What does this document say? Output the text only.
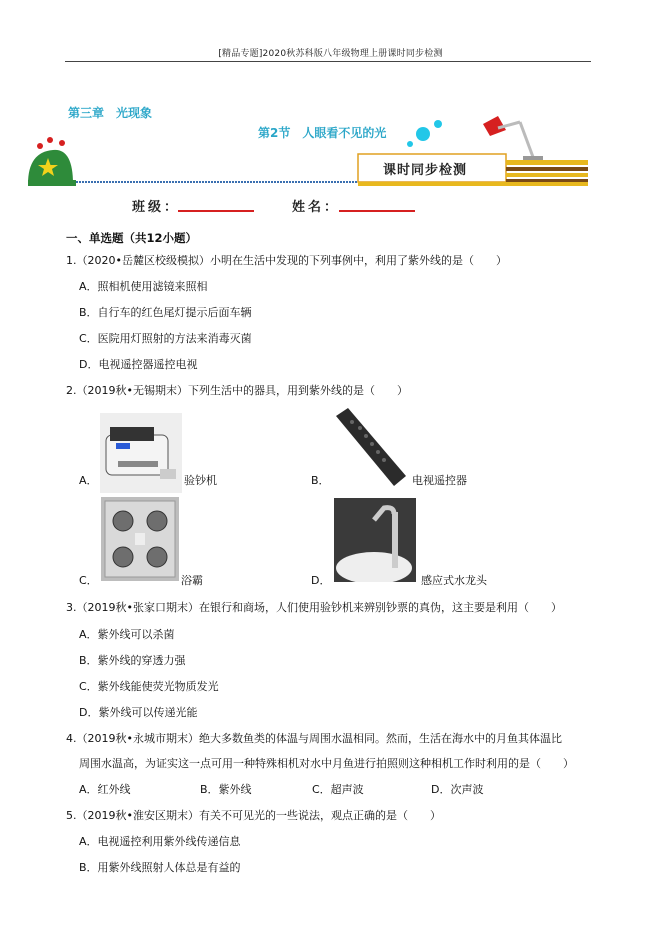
[精品专题]2020秋苏科版八年级物理上册课时同步检测
第三章　光现象
第2节　人眼看不见的光
课时同步检测
班级：	姓名：
一、单选题（共12小题）
1.（2020•岳麓区校级模拟）小明在生活中发现的下列事例中，利用了紫外线的是（　　）
A．照相机使用滤镜来照相
B．自行车的红色尾灯提示后面车辆
C．医院用灯照射的方法来消毒灭菌
D．电视遥控器遥控电视
2.（2019秋•无锡期末）下列生活中的器具，用到紫外线的是（　　）
A．	验钞机	B．	电视遥控器
C．	浴霸	D．	感应式水龙头
3.（2019秋•张家口期末）在银行和商场，人们使用验钞机来辨别钞票的真伪，这主要是利用（　　）
A．紫外线可以杀菌
B．紫外线的穿透力强
C．紫外线能使荧光物质发光
D．紫外线可以传递光能
4.（2019秋•永城市期末）绝大多数鱼类的体温与周围水温相同。然而，生活在海水中的月鱼其体温比
周围水温高，为证实这一点可用一种特殊相机对水中月鱼进行拍照则这种相机工作时利用的是（　　）
A．红外线	B．紫外线	C．超声波	D．次声波
5.（2019秋•淮安区期末）有关不可见光的一些说法，观点正确的是（　　）
A．电视遥控利用紫外线传递信息
B．用紫外线照射人体总是有益的
